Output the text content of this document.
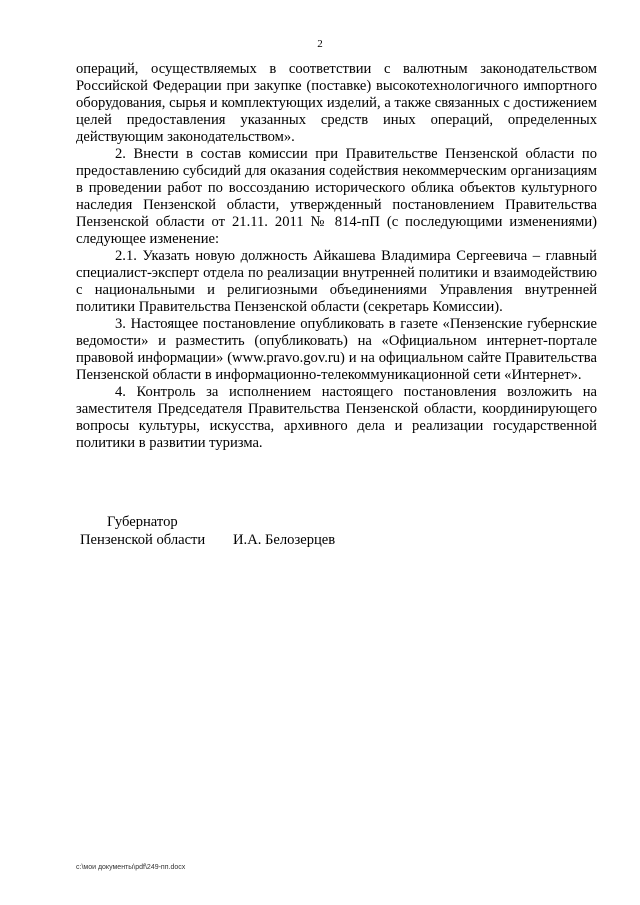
2

операций, осуществляемых в соответствии с валютным законодательством Российской Федерации при закупке (поставке) высокотехнологичного импортного оборудования, сырья и комплектующих изделий, а также связанных с достижением целей предоставления указанных средств иных операций, определенных действующим законодательством».

2. Внести в состав комиссии при Правительстве Пензенской области по предоставлению субсидий для оказания содействия некоммерческим организациям в проведении работ по воссозданию исторического облика объектов культурного наследия Пензенской области, утвержденный постановлением Правительства Пензенской области от 21.11. 2011 № 814-пП (с последующими изменениями) следующее изменение:

2.1. Указать новую должность Айкашева Владимира Сергеевича – главный специалист-эксперт отдела по реализации внутренней политики и взаимодействию с национальными и религиозными объединениями Управления внутренней политики Правительства Пензенской области (секретарь Комиссии).

3. Настоящее постановление опубликовать в газете «Пензенские губернские ведомости» и разместить (опубликовать) на «Официальном интернет-портале правовой информации» (www.pravo.gov.ru) и на официальном сайте Правительства Пензенской области в информационно-телекоммуникационной сети «Интернет».

4. Контроль за исполнением настоящего постановления возложить на заместителя Председателя Правительства Пензенской области, координирующего вопросы культуры, искусства, архивного дела и реализации государственной политики в развитии туризма.

Губернатор
Пензенской области И.А. Белозерцев
c:\мои документы\pdf\249-пп.docx
